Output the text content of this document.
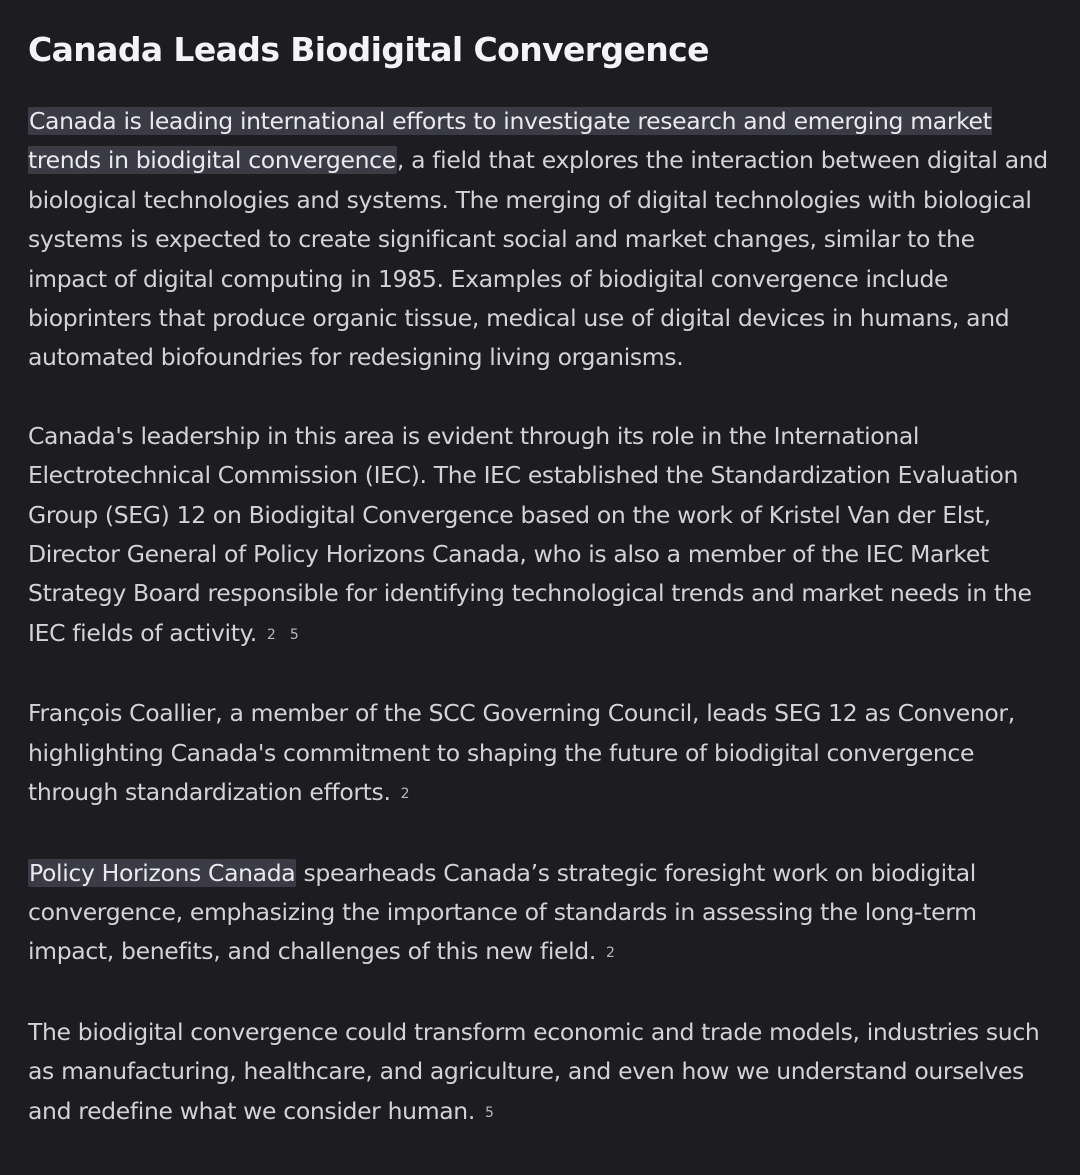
Canada Leads Biodigital Convergence

Canada is leading international efforts to investigate research and emerging market trends in biodigital convergence, a field that explores the interaction between digital and biological technologies and systems. The merging of digital technologies with biological systems is expected to create significant social and market changes, similar to the impact of digital computing in 1985. Examples of biodigital convergence include bioprinters that produce organic tissue, medical use of digital devices in humans, and automated biofoundries for redesigning living organisms.

Canada's leadership in this area is evident through its role in the International Electrotechnical Commission (IEC). The IEC established the Standardization Evaluation Group (SEG) 12 on Biodigital Convergence based on the work of Kristel Van der Elst, Director General of Policy Horizons Canada, who is also a member of the IEC Market Strategy Board responsible for identifying technological trends and market needs in the IEC fields of activity. 2 5

François Coallier, a member of the SCC Governing Council, leads SEG 12 as Convenor, highlighting Canada's commitment to shaping the future of biodigital convergence through standardization efforts. 2

Policy Horizons Canada spearheads Canada’s strategic foresight work on biodigital convergence, emphasizing the importance of standards in assessing the long-term impact, benefits, and challenges of this new field. 2

The biodigital convergence could transform economic and trade models, industries such as manufacturing, healthcare, and agriculture, and even how we understand ourselves and redefine what we consider human. 5
